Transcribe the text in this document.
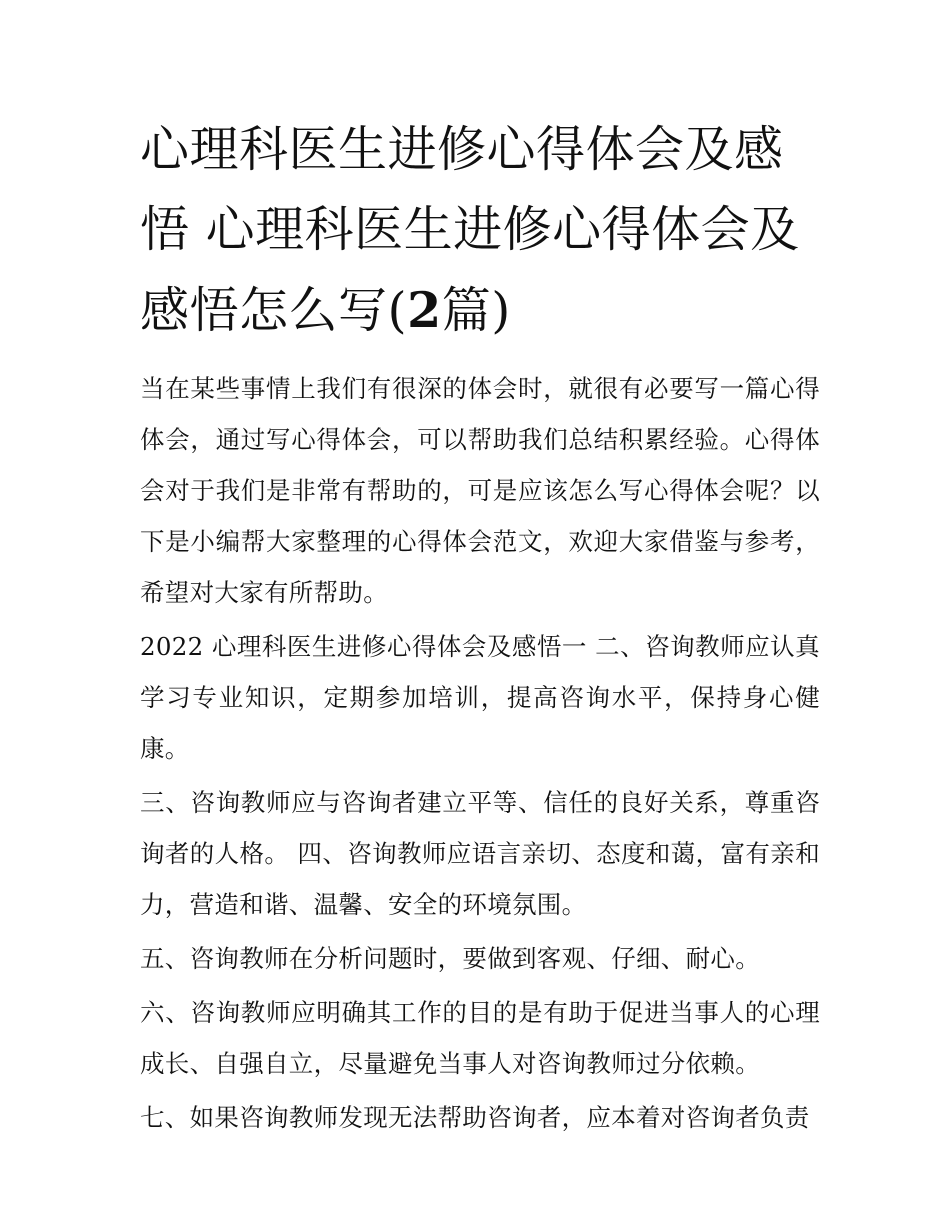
心理科医生进修心得体会及感悟 心理科医生进修心得体会及感悟怎么写(2篇)

当在某些事情上我们有很深的体会时，就很有必要写一篇心得体会，通过写心得体会，可以帮助我们总结积累经验。心得体会对于我们是非常有帮助的，可是应该怎么写心得体会呢？以下是小编帮大家整理的心得体会范文，欢迎大家借鉴与参考，希望对大家有所帮助。

2022 心理科医生进修心得体会及感悟一 二、咨询教师应认真学习专业知识，定期参加培训，提高咨询水平，保持身心健康。

三、咨询教师应与咨询者建立平等、信任的良好关系，尊重咨询者的人格。 四、咨询教师应语言亲切、态度和蔼，富有亲和力，营造和谐、温馨、安全的环境氛围。

五、咨询教师在分析问题时，要做到客观、仔细、耐心。

六、咨询教师应明确其工作的目的是有助于促进当事人的心理成长、自强自立，尽量避免当事人对咨询教师过分依赖。

七、如果咨询教师发现无法帮助咨询者，应本着对咨询者负责
